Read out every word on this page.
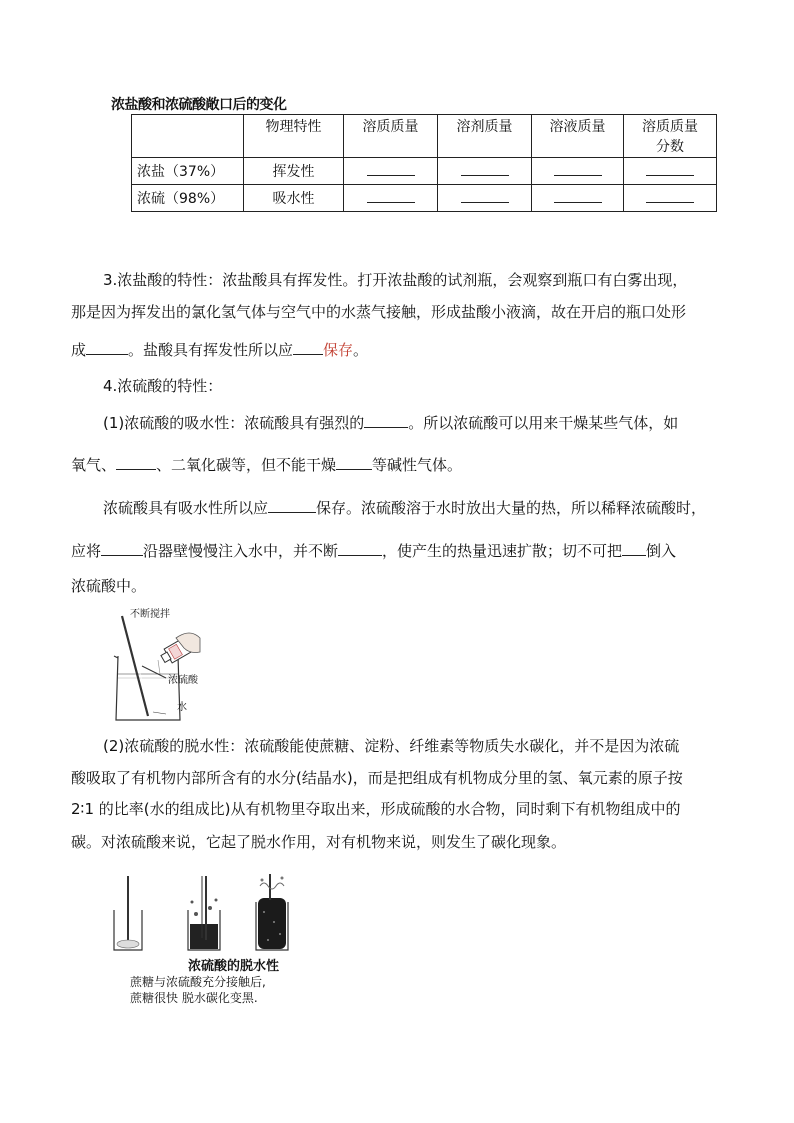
浓盐酸和浓硫酸敞口后的变化
	物理特性	溶质质量	溶剂质量	溶液质量	溶质质量
分数
浓盐（37%）	挥发性				
浓硫（98%）	吸水性				
3.浓盐酸的特性：浓盐酸具有挥发性。打开浓盐酸的试剂瓶，会观察到瓶口有白雾出现，
那是因为挥发出的氯化氢气体与空气中的水蒸气接触，形成盐酸小液滴，故在开启的瓶口处形
成	。盐酸具有挥发性所以应 保存。
4.浓硫酸的特性：
(1)浓硫酸的吸水性：浓硫酸具有强烈的	。所以浓硫酸可以用来干燥某些气体，如
氧气、	、二氧化碳等，但不能干燥 等碱性气体。
浓硫酸具有吸水性所以应	保存。浓硫酸溶于水时放出大量的热，所以稀释浓硫酸时，
应将	沿器壁慢慢注入水中，并不断	，使产生的热量迅速扩散；切不可把 倒入
浓硫酸中。
不断搅拌
浓硫酸
水
(2)浓硫酸的脱水性：浓硫酸能使蔗糖、淀粉、纤维素等物质失水碳化，并不是因为浓硫
酸吸取了有机物内部所含有的水分(结晶水)，而是把组成有机物成分里的氢、氧元素的原子按
2∶1 的比率(水的组成比)从有机物里夺取出来，形成硫酸的水合物，同时剩下有机物组成中的
碳。对浓硫酸来说，它起了脱水作用，对有机物来说，则发生了碳化现象。
浓硫酸的脱水性
蔗糖与浓硫酸充分接触后,
蔗糖很快 脱水碳化变黑.
